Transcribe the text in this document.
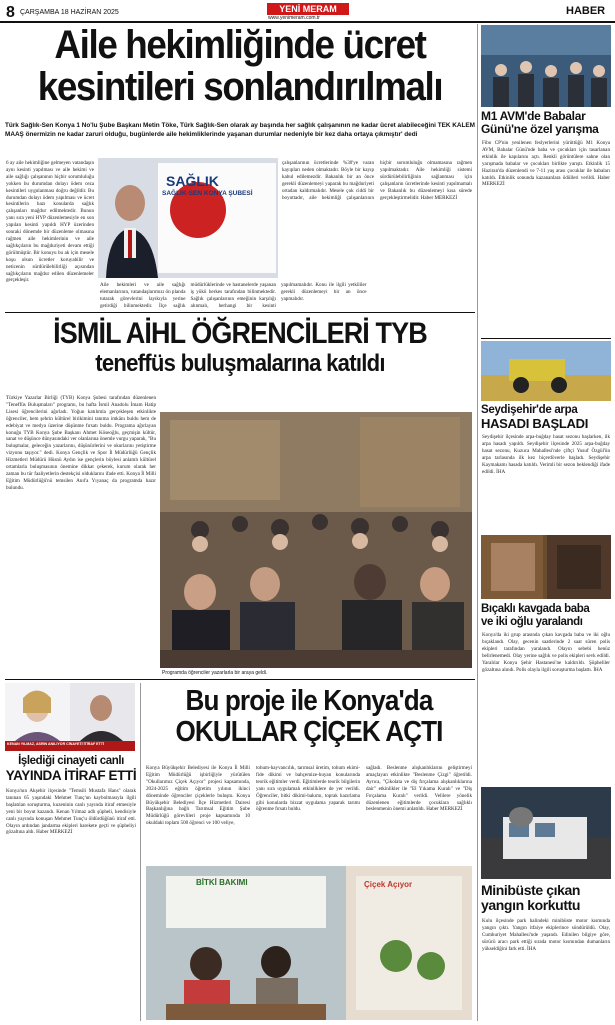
8 ÇARŞAMBA 18 HAZİRAN 2025	YENİ MERAM
www.yenimeram.com.tr
HABER
Aile hekimliğinde ücret
kesintileri sonlandırılmalı
Türk Sağlık-Sen Konya 1 No'lu Şube Başkanı Metin Töke, Türk Sağlık-Sen olarak ay başında her sağlık çalışanının ne kadar ücret alabileceğini TEK KALEM MAAŞ önermizin ne kadar zaruri olduğu, bugünlerde aile hekimliklerinde yaşanan durumlar nedeniyle bir kez daha ortaya çıkmıştır' dedi
6 ay aile hekimliğine gelmeyen vatandaşın aynı kesinti yapılması ve aile hekimi ve aile sağlığı çalışanının hiçbir sorumluluğu yokken bu durumdan dolayı ödem ceza kesintileri uygulanması doğru değildir. Bu durumdan dolayı ödem yapılması ve ücret kesintilerin bazı konularda sağlık çalışanları mağdur edilmektedir. Bunun yanı sıra yeni HYP düzenlemesiyle en son yapılan kesinti yapıldı HYP üzerinden sonraki dönemde bir düzenleme olmasına rağmen aile hekimlerinin ve aile sağlıkçıların bu mağduriyeti devam ettiği görülmüştür. Bir konuyu bu ak için mesele koşu olsun ücretler koruyabilir ve neticenin sürdürülebilirliği açısından sağlıkçıların mağdur edilen düzenlemeler gerçekleşir.
SAĞLIK
SAĞLIK-SEN KONYA ŞUBESİ
Aile hekimleri ve aile sağlığı elemanlarının, vatandaşlarımızı ön planda tutarak görevlerini layıkıyla yerine getirdiği bilinmektedir. İlçe sağlık müdürlüklerinde ve hastanelerde yaşanan iş yükü herkes tarafından bilinmektedir. Sağlık çalışanlarının emeğinin karşılığı alınmalı, herhangi bir kesinti yapılmamalıdır. Konu ile ilgili yetkililer gerekli düzenlemeyi bir an önce yapmalıdır.
çalışanlarının ücretlerinde %30'ye varan kayıpları neden olmaktadır. Böyle bir kayıp kabul edilemezdir. Bakanlık bir an önce gerekli düzenlemeyi yaparak bu mağduriyeti ortadan kaldırmalıdır. Mesele çok ciddi bir boyuttadır, aile hekimliği çalışanlarının hiçbir sorumluluğu olmamasına rağmen yapılmaktadır. Aile hekimliği sistemi sürdürülebilirliğinin sağlanması için çalışanların ücretlerinde kesinti yapılmamalı ve Bakanlık bu düzenlemeyi kısa sürede gerçekleştirmelidir. Haber MERKEZİ
İSMİL AİHL ÖĞRENCİLERİ TYB
teneffüs buluşmalarına katıldı
Türkiye Yazarlar Birliği (TYB) Konya Şubesi tarafından düzenlenen "Teneffüs Buluşmaları" programı, bu hafta İsmil Anadolu İmam Hatip Lisesi öğrencilerini ağırladı. Yoğun katılımla gerçekleşen etkinlikte öğrenciler, hem şehrin kültürel birikimini tanıma imkânı buldu hem de edebiyat ve medya üzerine düşünme fırsatı buldu. Programa ağırlayan konuğu TYB Konya Şube Başkanı Ahmet Köseoğlu, geçmişin kültür, sanat ve düşünce dünyasındaki ver olanlarına önemle vurgu yaparak, "Bu buluşmalar, geleceğin yazarlarını, düşünürlerini ve okurlarını yetiştirme vizyonu taşıyor." dedi. Konya Gençlik ve Spor İl Müdürlüğü Gençlik Hizmetleri Müdürü Hüsnü Aydın ise gençlerin böylesi anlamlı kültürel ortamlarla buluşmasının önemine dikkat çekerek, kurum olarak her zaman bu tür faaliyetlerin destekçisi olduklarını ifade etti. Konya İl Milli Eğitim Müdürlüğü'nü temsilen Anıl'a Yıyanaç da programda hazır bulundu.
Programda öğrenciler yazarlarla bir araya geldi.
KENAN YILMAZ, ASRIN ANILIYOR CİNAYETİ İTİRAF ETTİ
İşlediği cinayeti canlı
YAYINDA İTİRAF ETTİ
Konya'nın Akşehir ilçesinde "Temsili Mustafa Hans" olarak tanınan 65 yaşındaki Mehmet Tunç'un kaybolmasıyla ilgili başlatılan soruşturma, kuzeninin canlı yayında itiraf etmesiyle yeni bir boyut kazandı. Kenan Yılmaz adlı şüpheli, kendisiyle canlı yayında konuşan Mehmet Tunç'u öldürdüğünü itiraf etti. Olayın ardından jandarma ekipleri harekete geçti ve şüpheliyi gözaltına aldı. Haber MERKEZİ
Bu proje ile Konya'da
OKULLAR ÇİÇEK AÇTI
Konya Büyükşehir Belediyesi ile Konya İl Milli Eğitim Müdürlüğü işbirliğiyle yürütülen "Okullarımız Çiçek Açıyor" projesi kapsamında, 2024-2025 eğitim öğretim yılının ikinci döneminde öğrenciler çiçeklerle buluştu. Konya Büyükşehir Belediyesi İlçe Hizmetleri Dairesi Başkanlığına bağlı Tarımsal Eğitim Şube Müdürlüğü görevlileri proje kapsamında 10 okuldaki toplam 500 öğrenci ve 100 veliye,
tohum-hayvancılık, tarımsal üretim, tohum ekimi-fide dikimi ve bahçemize-huyan konularında teorik eğitimler verdi. Eğitimlerde teorik bilgilerin yanı sıra uygulamalı etkinliklere de yer verildi. Öğrenciler, bitki dikimi-bakımı, toprak hazırlama gibi konularda bizzat uygulama yaparak tarımı öğrenme fırsatı buldu.
sağladı. Beslenme alışkanlıklarını geliştirmeyi amaçlayan etkinlikte "Beslenme Çizgi" öğretildi. Ayrıca, "Çikolata ve diş fırçalama alışkanlıklarına dair" etkinlikler ile "El Yıkama Kuralı" ve "Diş Fırçalama Kuralı" verildi. Velilere yönelik düzenlenen eğitimlerde çocuklara sağlıklı beslenmenin önemi anlatıldı. Haber MERKEZİ
BİTKİ BAKIMI	Çiçek Açıyor
M1 AVM'de Babalar
Günü'ne özel yarışma
Fibo CP'nin yenilenen feslyerlerini yürüttüğü M1 Konya AVM, Babalar Günü'nde baba ve çocukları için tasarlanan etkinlik ile kapılarını açtı. Renkli görüntülere sahne olan yarışmada babalar ve çocukları birlikte yarıştı. Etkinlik 15 Haziran'da düzenlendi ve 7-11 yaş arası çocuklar ile babaları katıldı. Etkinlik sonunda kazananlara ödülleri verildi. Haber MERKEZİ
Seydişehir'de arpa
HASADI BAŞLADI
Seydişehir ilçesinde arpa-buğday hasat sezonu başlarken, ilk arpa hasadı yapıldı. Seydişehir ilçesinde 2025 arpa-buğday hasat sezonu, Kuzuca Mahallesi'nde çiftçi Yusuf Özgül'ün arpa tarlasında ilk kez biçerdöverle başladı. Seydişehir Kaymakamı hasada katıldı. Verimli bir sezon beklendiği ifade edildi. İHA
Bıçaklı kavgada baba
ve iki oğlu yaralandı
Konya'da iki grup arasında çıkan kavgada baba ve iki oğlu bıçaklandı. Olay, gecenin saatlerinde 2 saat süren polis ekipleri tarafından yaralandı. Olayın sebebi henüz belirlenemedi. Olay yerine sağlık ve polis ekipleri sevk edildi. Yaralılar Konya Şehir Hastanesi'ne kaldırıldı. Şüpheliler gözaltına alındı. Polis olayla ilgili soruşturma başlattı. İHA
Minibüste çıkan
yangın korkuttu
Kulu ilçesinde park halindeki minibüste motor kısmında yangın çıktı. Yangın itfaiye ekiplerince söndürüldü. Olay, Cumhuriyet Mahallesi'nde yaşandı. Edinilen bilgiye göre, sürücü aracı park ettiği sırada motor kısmından dumanların yükseldiğini fark etti. İHA
